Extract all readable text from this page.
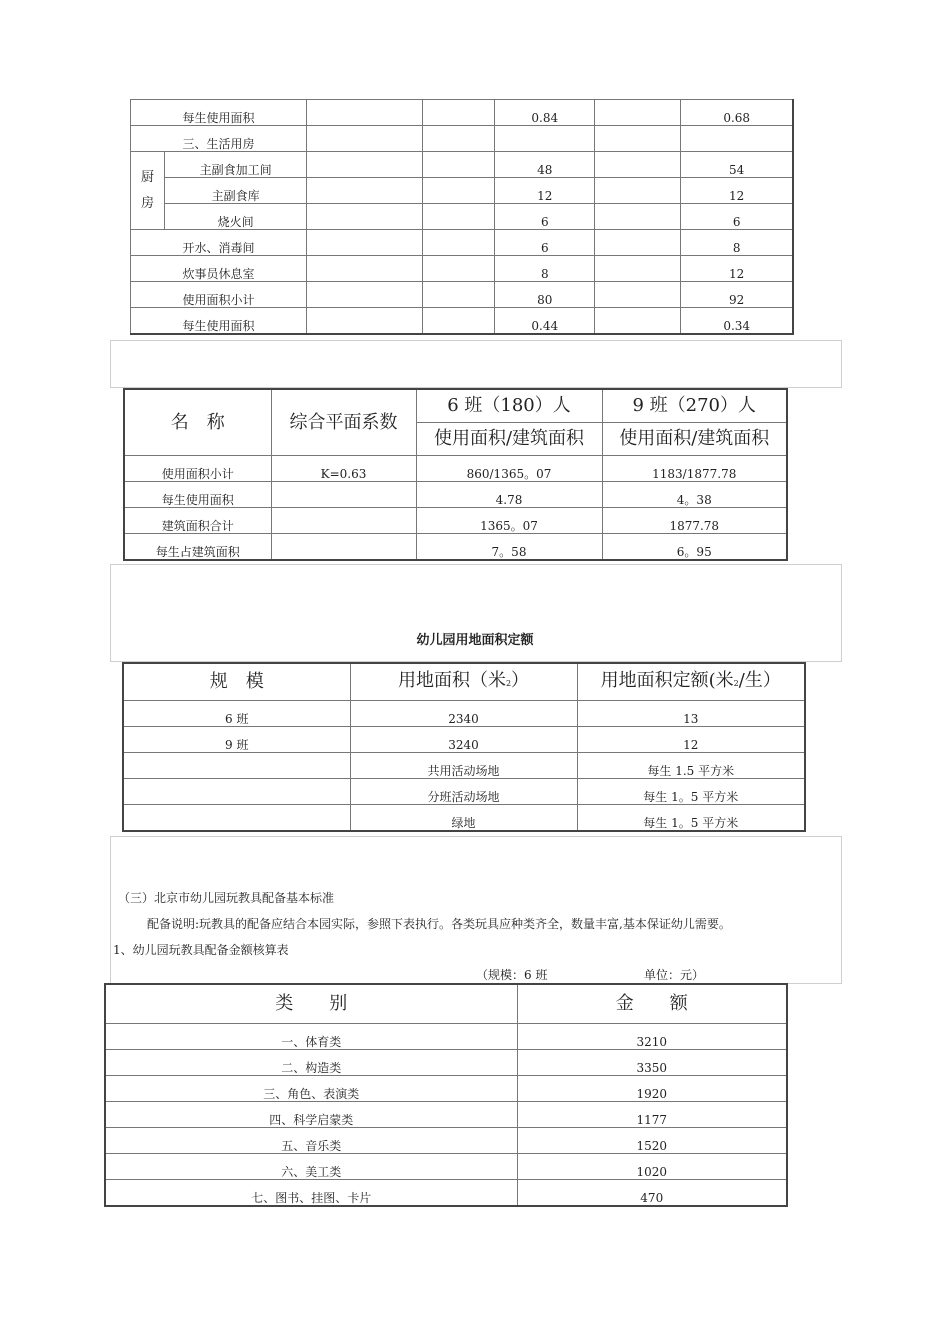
每生使用面积				0.84		0.68
三、生活用房						
厨房	主副食加工间			48		54
	主副食库			12		12
	烧火间			6		6
开水、消毒间				6		8
炊事员休息室				8		12
使用面积小计				80		92
每生使用面积				0.44		0.34
名　称	综合平面系数	6 班（180）人	9 班（270）人
		使用面积/建筑面积	使用面积/建筑面积
使用面积小计	K=0.63	860/1365。07	1183/1877.78
每生使用面积		4.78	4。38
建筑面积合计		1365。07	1877.78
每生占建筑面积		7。58	6。95
幼儿园用地面积定额
规　模	用地面积（米2）	用地面积定额(米2/生）
6 班	2340	13
9 班	3240	12
	共用活动场地	每生 1.5 平方米
	分班活动场地	每生 1。5 平方米
	绿地	每生 1。5 平方米
（三）北京市幼儿园玩教具配备基本标准
配备说明:玩教具的配备应结合本园实际，参照下表执行。各类玩具应种类齐全，数量丰富,基本保证幼儿需要。
1、幼儿园玩教具配备金额核算表
（规模：6 班	单位：元）
类　　别	金　　额
一、体育类	3210
二、构造类	3350
三、角色、表演类	1920
四、科学启蒙类	1177
五、音乐类	1520
六、美工类	1020
七、图书、挂图、卡片	470
